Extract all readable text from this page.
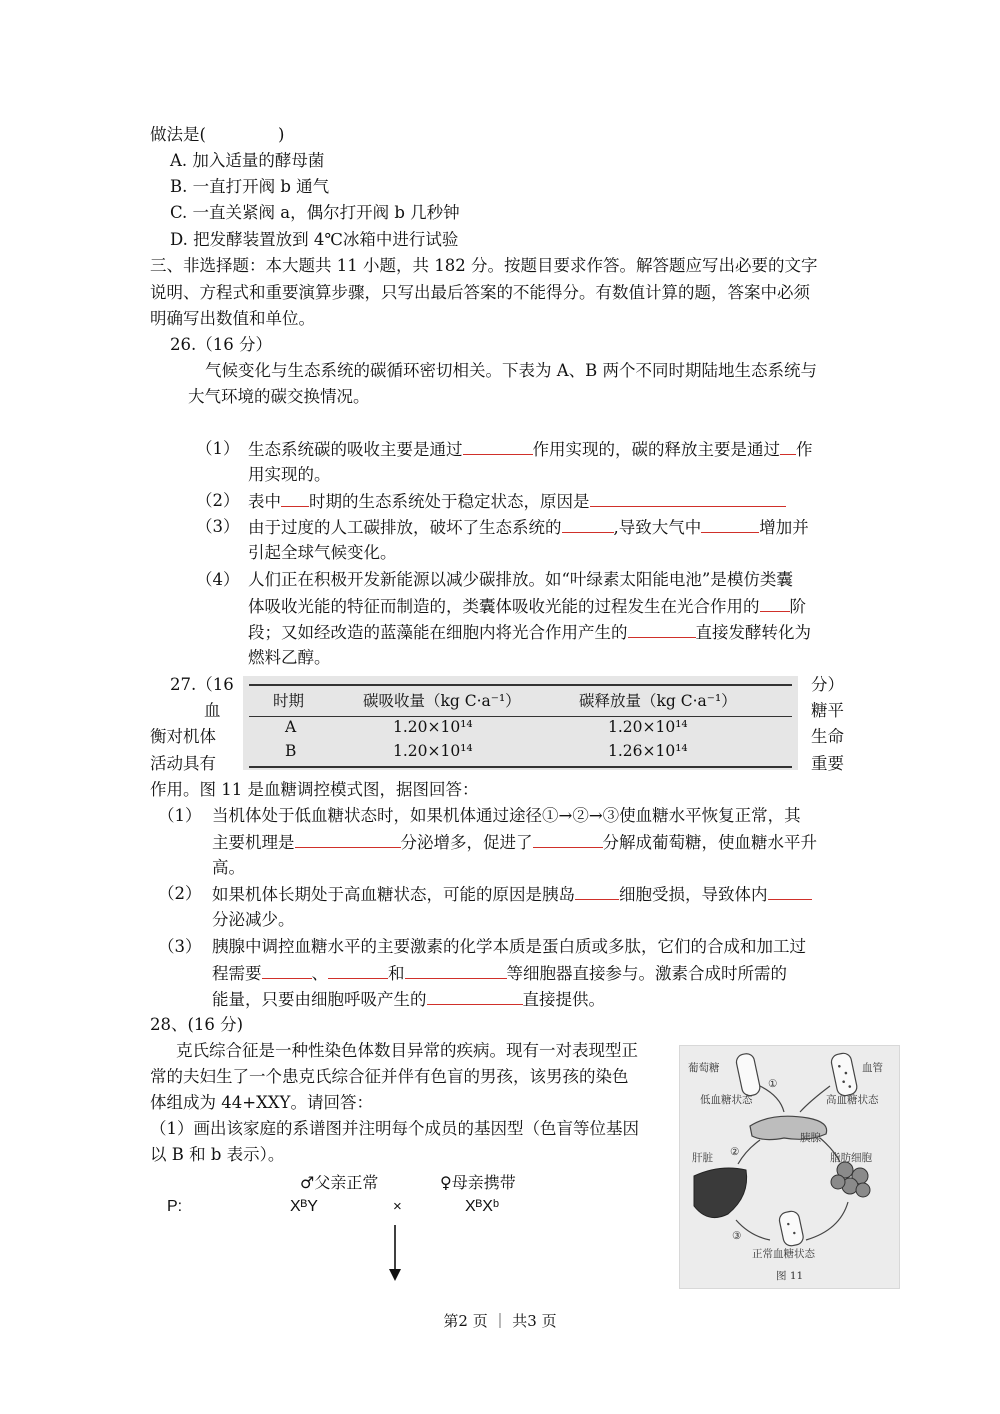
做法是(	)
A. 加入适量的酵母菌
B. 一直打开阀 b 通气
C. 一直关紧阀 a，偶尔打开阀 b 几秒钟
D. 把发酵装置放到 4℃冰箱中进行试验
三、非选择题：本大题共 11 小题，共 182 分。按题目要求作答。解答题应写出必要的文字
说明、方程式和重要演算步骤，只写出最后答案的不能得分。有数值计算的题，答案中必须
明确写出数值和单位。
26.（16 分）
气候变化与生态系统的碳循环密切相关。下表为 A、B 两个不同时期陆地生态系统与
大气环境的碳交换情况。
（1） 生态系统碳的吸收主要是通过	作用实现的，碳的释放主要是通过 作
用实现的。
（2） 表中 时期的生态系统处于稳定状态，原因是
（3） 由于过度的人工碳排放，破坏了生态系统的	,导致大气中	增加并
引起全球气候变化。
（4） 人们正在积极开发新能源以减少碳排放。如“叶绿素太阳能电池”是模仿类囊
体吸收光能的特征而制造的，类囊体吸收光能的过程发生在光合作用的 阶
段；又如经改造的蓝藻能在细胞内将光合作用产生的	直接发酵转化为
燃料乙醇。
时期	碳吸收量（kg C·a⁻¹）	碳释放量（kg C·a⁻¹）
A	1.20×10¹⁴	1.20×10¹⁴
B	1.20×10¹⁴	1.26×10¹⁴
27.（16	分）
血	糖平
衡对机体	生命
活动具有	重要
作用。图 11 是血糖调控模式图，据图回答：
（1） 当机体处于低血糖状态时，如果机体通过途径①→②→③使血糖水平恢复正常，其
主要机理是	分泌增多，促进了	分解成葡萄糖，使血糖水平升
高。
（2） 如果机体长期处于高血糖状态，可能的原因是胰岛	细胞受损，导致体内
分泌减少。
（3） 胰腺中调控血糖水平的主要激素的化学本质是蛋白质或多肽，它们的合成和加工过
程需要	、	和	等细胞器直接参与。激素合成时所需的
能量，只要由细胞呼吸产生的	直接提供。
28、(16 分)
克氏综合征是一种性染色体数目异常的疾病。现有一对表现型正
常的夫妇生了一个患克氏综合征并伴有色盲的男孩，该男孩的染色
体组成为 44+XXY。请回答：
（1）画出该家庭的系谱图并注明每个成员的基因型（色盲等位基因
以 B 和 b 表示）。
♂父亲正常	♀母亲携带
P:	XᴮY	×	XᴮXᵇ
葡萄糖	血管
①
低血糖状态	高血糖状态
胰腺
②
肝脏	脂肪细胞
③
正常血糖状态
图 11
第2 页 ｜ 共3 页
